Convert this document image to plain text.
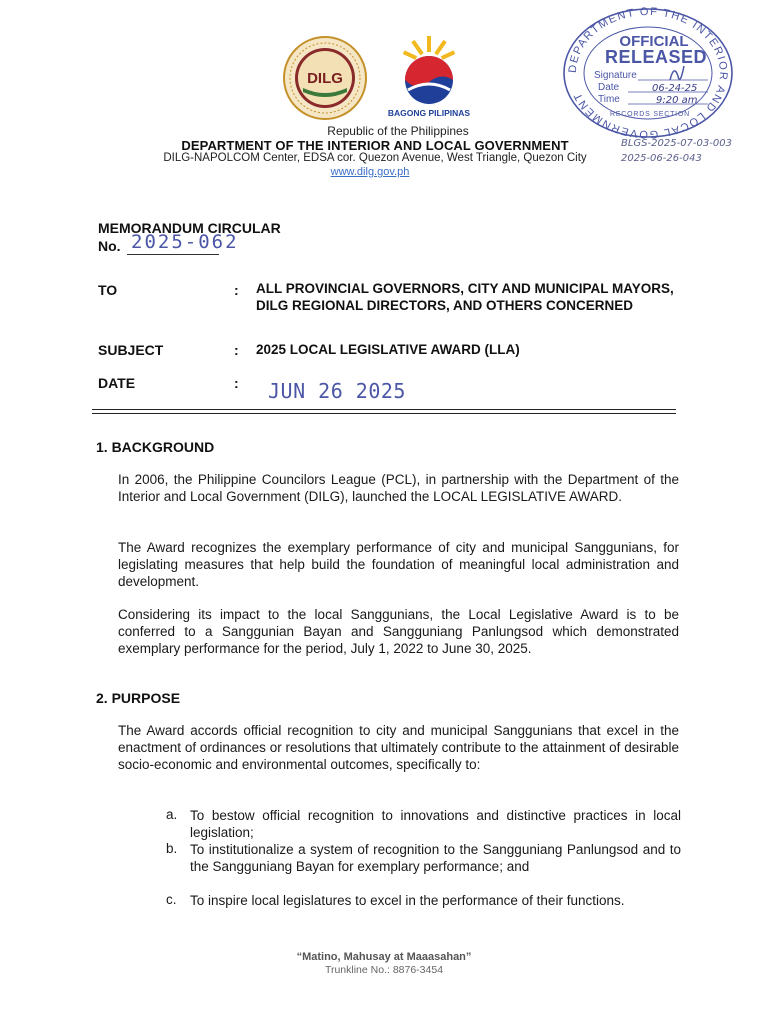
DILG
BAGONG PILIPINAS
DEPARTMENT OF THE INTERIOR AND LOCAL GOVERNMENT
OFFICIAL
RELEASED
Signature
Date
Time
06-24-25
9:20 am
RECORDS SECTION
BLGS-2025-07-03-003
2025-06-26-043
Republic of the Philippines
DEPARTMENT OF THE INTERIOR AND LOCAL GOVERNMENT
DILG-NAPOLCOM Center, EDSA cor. Quezon Avenue, West Triangle, Quezon City
www.dilg.gov.ph
MEMORANDUM CIRCULAR
No. 2025-062
TO	: ALL PROVINCIAL GOVERNORS, CITY AND MUNICIPAL MAYORS, DILG REGIONAL DIRECTORS, AND OTHERS CONCERNED
SUBJECT	: 2025 LOCAL LEGISLATIVE AWARD (LLA)
DATE	: JUN 26 2025
1. BACKGROUND
In 2006, the Philippine Councilors League (PCL), in partnership with the Department of the Interior and Local Government (DILG), launched the LOCAL LEGISLATIVE AWARD.
The Award recognizes the exemplary performance of city and municipal Sanggunians, for legislating measures that help build the foundation of meaningful local administration and development.
Considering its impact to the local Sanggunians, the Local Legislative Award is to be conferred to a Sanggunian Bayan and Sangguniang Panlungsod which demonstrated exemplary performance for the period, July 1, 2022 to June 30, 2025.
2. PURPOSE
The Award accords official recognition to city and municipal Sanggunians that excel in the enactment of ordinances or resolutions that ultimately contribute to the attainment of desirable socio-economic and environmental outcomes, specifically to:
a. To bestow official recognition to innovations and distinctive practices in local legislation;
b. To institutionalize a system of recognition to the Sangguniang Panlungsod and to the Sangguniang Bayan for exemplary performance; and
c. To inspire local legislatures to excel in the performance of their functions.
“Matino, Mahusay at Maaasahan”
Trunkline No.: 8876-3454
